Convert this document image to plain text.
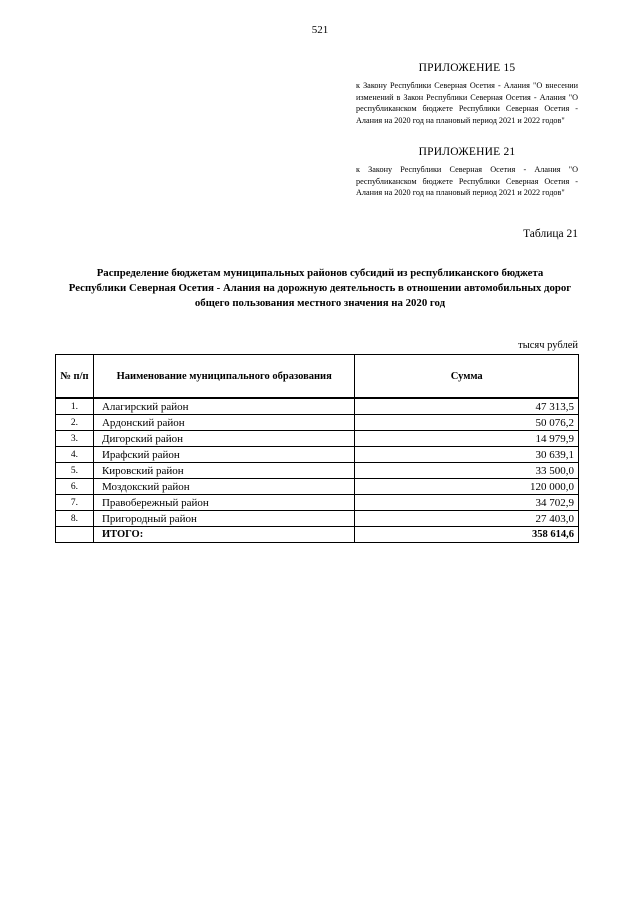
521
ПРИЛОЖЕНИЕ 15
к Закону Республики Северная Осетия - Алания "О внесении изменений в Закон Республики Северная Осетия - Алания "О республиканском бюджете Республики Северная Осетия - Алания на 2020 год на плановый период 2021 и 2022 годов"
ПРИЛОЖЕНИЕ 21
к Закону Республики Северная Осетия - Алания "О республиканском бюджете Республики Северная Осетия - Алания на 2020 год на плановый период 2021 и 2022 годов"
Таблица 21
Распределение бюджетам муниципальных районов субсидий из республиканского бюджета
Республики Северная Осетия - Алания на дорожную деятельность в отношении автомобильных дорог
общего пользования местного значения на 2020 год
тысяч рублей
№ п/п	Наименование муниципального образования	Сумма
1.	Алагирский район	47 313,5
2.	Ардонский район	50 076,2
3.	Дигорский район	14 979,9
4.	Ирафский район	30 639,1
5.	Кировский район	33 500,0
6.	Моздокский район	120 000,0
7.	Правобережный район	34 702,9
8.	Пригородный район	27 403,0
	ИТОГО:	358 614,6
